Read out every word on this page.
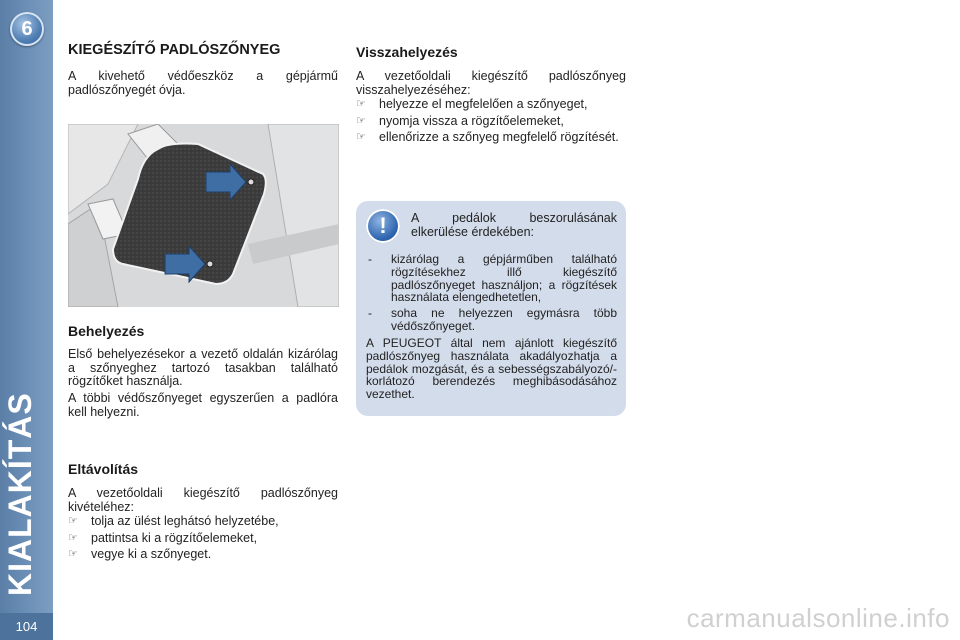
6
KIALAKÍTÁS
104
KIEGÉSZÍTŐ PADLÓSZŐNYEG

A kivehető védőeszköz a gépjármű padlószőnyegét óvja.

Behelyezés

Első behelyezésekor a vezető oldalán kizárólag a szőnyeghez tartozó tasakban található rögzítőket használja.

A többi védőszőnyeget egyszerűen a padlóra kell helyezni.

Eltávolítás

A vezetőoldali kiegészítő padlószőnyeg kivételéhez:

☞ tolja az ülést leghátsó helyzetébe,
☞ pattintsa ki a rögzítőelemeket,
☞ vegye ki a szőnyeget.
Visszahelyezés

A vezetőoldali kiegészítő padlószőnyeg visszahelyezéséhez:

☞ helyezze el megfelelően a szőnyeget,
☞ nyomja vissza a rögzítőelemeket,
☞ ellenőrizze a szőnyeg megfelelő rögzítését.
!	A pedálok beszorulásának elkerülése érdekében:
- kizárólag a gépjárműben található rögzítésekhez illő kiegészítő padlószőnyeget használjon; a rögzítések használata elengedhetetlen,
- soha ne helyezzen egymásra több védőszőnyeget.

A PEUGEOT által nem ajánlott kiegészítő padlószőnyeg használata akadályozhatja a pedálok mozgását, és a sebességszabályozó/-korlátozó berendezés meghibásodásához vezethet.

carmanualsonline.info
